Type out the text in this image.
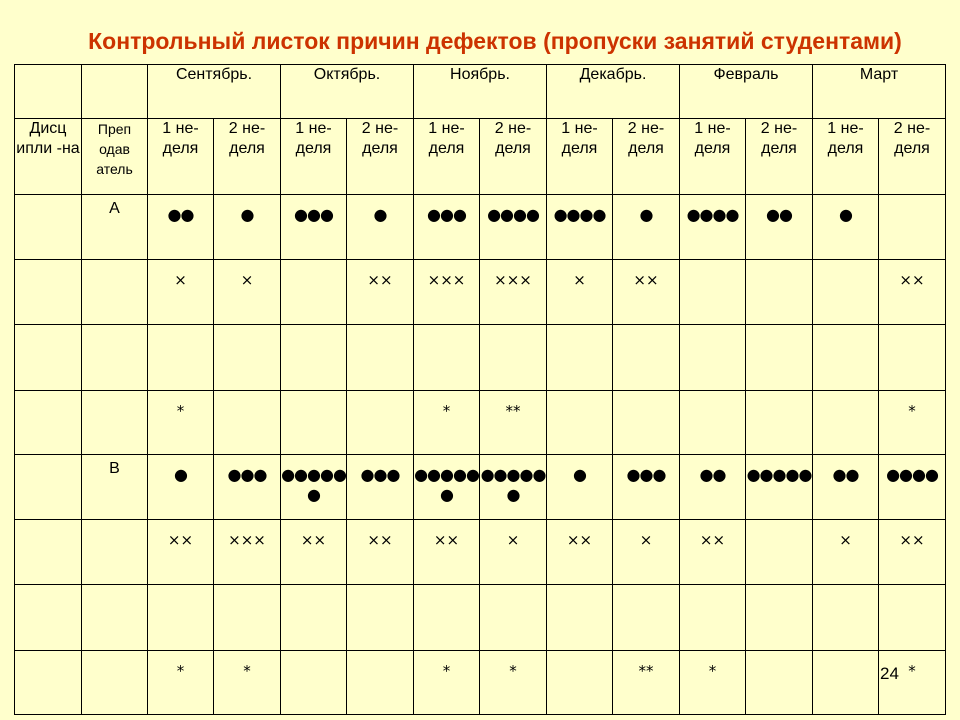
Контрольный листок причин дефектов (пропуски занятий студентами)
		Сентябрь.		Октябрь.		Ноябрь.		Декабрь.		Февраль		Март	
Дисц ипли -на	Преп одав атель	1 не- деля	2 не- деля	1 не- деля	2 не- деля	1 не- деля	2 не- деля	1 не- деля	2 не- деля	1 не- деля	2 не- деля	1 не- деля	2 не- деля
	А	●●	●	●●●	●	●●●	●●●●	●●●●	●	●●●●	●●	●	
		×	×		××	×××	×××	×	××				××

		*				*	**						*
	В	●	●●●	●●●●● ●	●●●	●●●●● ●	●●●●● ●	●	●●●	●●	●●●●●	●●	●●●●
		××	×××	××	××	××	×	××	×	××		×	××

		*	*			*	*		**	*			*
24
